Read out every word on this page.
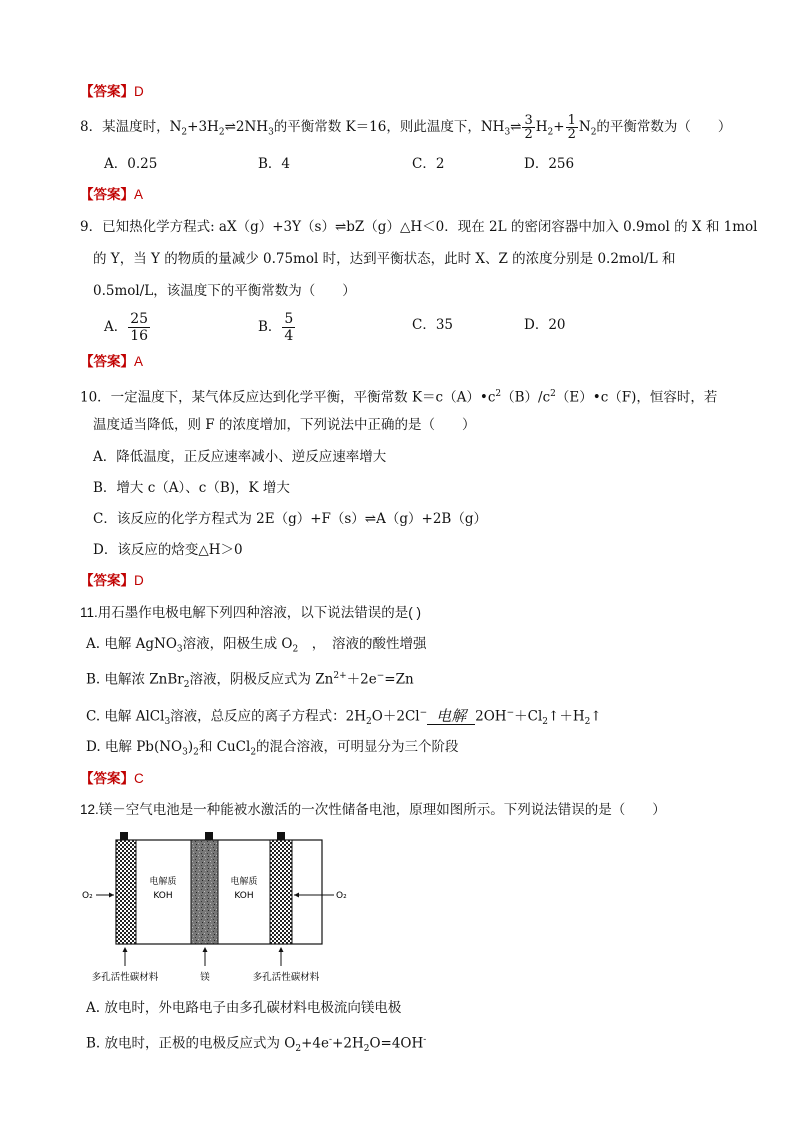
【答案】D
8．某温度时，$N_2+3H_2\rightleftharpoons 2NH_3$的平衡常数 K＝16，则此温度下，$NH_3\rightleftharpoons \frac{3}{2} H_2+ \frac{1}{2} N_2$的平衡常数为（　　）
A．0.25	B．4	C．2	D．256
【答案】A
9．已知热化学方程式: aX（g）+3Y（s）⇌bZ（g）△H＜0．现在 2L 的密闭容器中加入 0.9mol 的 X 和 1mol
的 Y，当 Y 的物质的量减少 0.75mol 时，达到平衡状态，此时 X、Z 的浓度分别是 0.2mol/L 和
0.5mol/L，该温度下的平衡常数为（　　）
A． $\frac{25}{16}$	B． $\frac{5}{4}$	C．35	D．20
【答案】A
10．一定温度下，某气体反应达到化学平衡，平衡常数 $K=c(A)•c^2(B)/c^2(E)•c(F)$，恒容时，若
温度适当降低，则 F 的浓度增加，下列说法中正确的是（　　）
A．降低温度，正反应速率减小、逆反应速率增大
B．增大 c（A）、c（B)，K 增大
C．该反应的化学方程式为 2E（g）+F（s）⇌A（g）+2B（g）
D．该反应的焓变△H＞0
【答案】D
11.用石墨作电极电解下列四种溶液，以下说法错误的是( )
A. 电解 AgNO$_3$溶液，阳极生成 $O_2$　，　溶液的酸性增强
B. 电解浓 ZnBr$_2$溶液，阴极反应式为 $Zn^{2+}+2e^-=Zn$
C. 电解 AlCl$_3$溶液，总反应的离子方程式：$2H_2O+2Cl^-$ 电解 $2OH^-+Cl_2↑+H_2↑$
D. 电解 $Pb(NO_3)_2$和 CuCl$_2$的混合溶液，可明显分为三个阶段
【答案】C
12.镁－空气电池是一种能被水激活的一次性储备电池，原理如图所示。下列说法错误的是（　　）
电解质
KOH
电解质
KOH
O₂	O₂
多孔活性碳材料	镁	多孔活性碳材料
A. 放电时，外电路电子由多孔碳材料电极流向镁电极
B. 放电时，正极的电极反应式为 $O_2+4e^-+2H_2O=4OH^-$
